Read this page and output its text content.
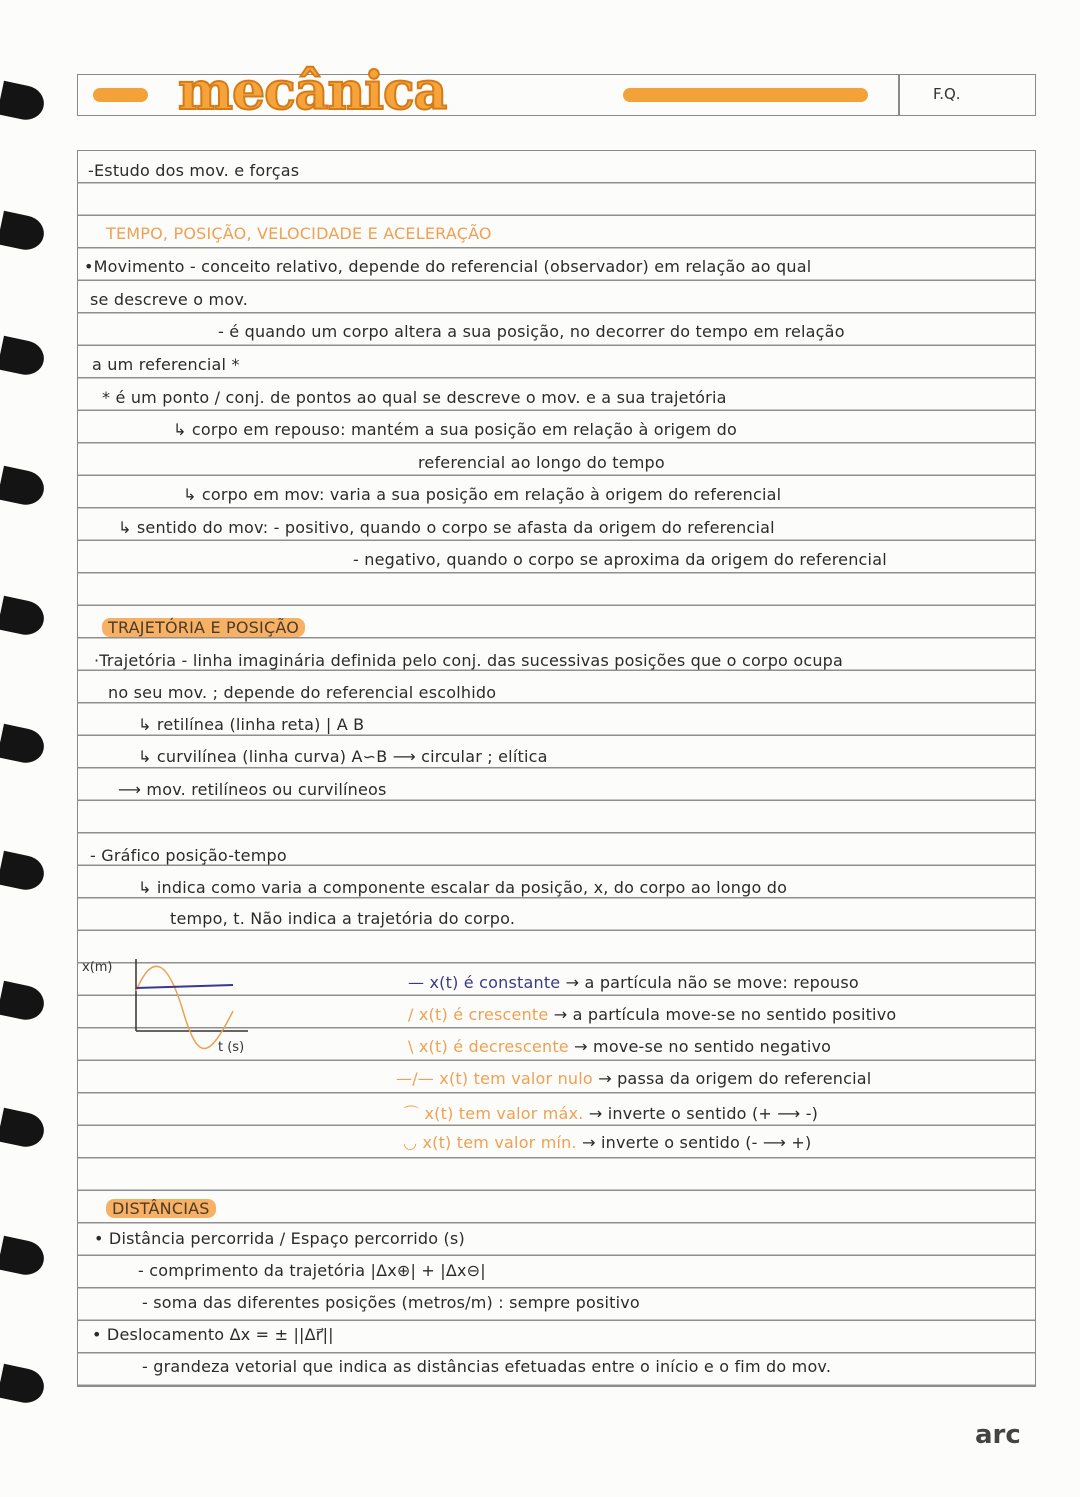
mecânica	F.Q.
-Estudo dos mov. e forças
TEMPO, POSIÇÃO, VELOCIDADE E ACELERAÇÃO
•Movimento - conceito relativo, depende do referencial (observador) em relação ao qual
se descreve o mov.
- é quando um corpo altera a sua posição, no decorrer do tempo em relação
a um referencial *
* é um ponto / conj. de pontos ao qual se descreve o mov. e a sua trajetória
↳ corpo em repouso: mantém a sua posição em relação à origem do
referencial ao longo do tempo
↳ corpo em mov: varia a sua posição em relação à origem do referencial
↳ sentido do mov: - positivo, quando o corpo se afasta da origem do referencial
- negativo, quando o corpo se aproxima da origem do referencial
TRAJETÓRIA E POSIÇÃO
·Trajetória - linha imaginária definida pelo conj. das sucessivas posições que o corpo ocupa
no seu mov. ; depende do referencial escolhido
↳ retilínea (linha reta) | A B
↳ curvilínea (linha curva) A∽B ⟶ circular ; elítica
⟶ mov. retilíneos ou curvilíneos
- Gráfico posição-tempo
↳ indica como varia a componente escalar da posição, x, do corpo ao longo do
tempo, t. Não indica a trajetória do corpo.
x(m)
t (s)
— x(t) é constante → a partícula não se move: repouso
/ x(t) é crescente → a partícula move-se no sentido positivo
\ x(t) é decrescente → move-se no sentido negativo
—/— x(t) tem valor nulo → passa da origem do referencial
⌒ x(t) tem valor máx. → inverte o sentido (+ ⟶ -)
◡ x(t) tem valor mín. → inverte o sentido (- ⟶ +)
DISTÂNCIAS
• Distância percorrida / Espaço percorrido (s)
- comprimento da trajetória |Δx⊕| + |Δx⊖|
- soma das diferentes posições (metros/m) : sempre positivo
• Deslocamento Δx = ± ||Δr⃗||
- grandeza vetorial que indica as distâncias efetuadas entre o início e o fim do mov.
arc
